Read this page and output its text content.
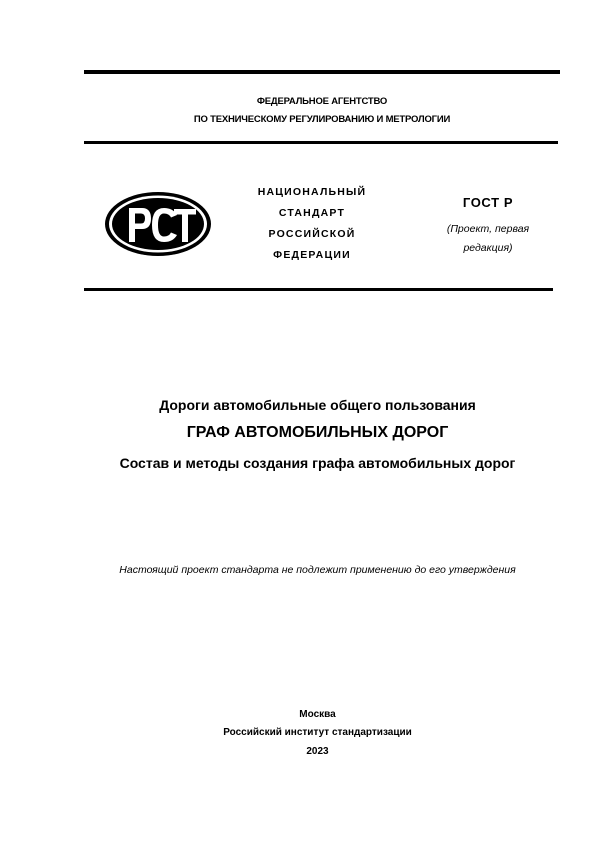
ФЕДЕРАЛЬНОЕ АГЕНТСТВО
ПО ТЕХНИЧЕСКОМУ РЕГУЛИРОВАНИЮ И МЕТРОЛОГИИ
НАЦИОНАЛЬНЫЙ
СТАНДАРТ
РОССИЙСКОЙ
ФЕДЕРАЦИИ
ГОСТ Р
(Проект, первая
редакция)
Дороги автомобильные общего пользования
ГРАФ АВТОМОБИЛЬНЫХ ДОРОГ
Состав и методы создания графа автомобильных дорог
Настоящий проект стандарта не подлежит применению до его утверждения
Москва
Российский институт стандартизации
2023
